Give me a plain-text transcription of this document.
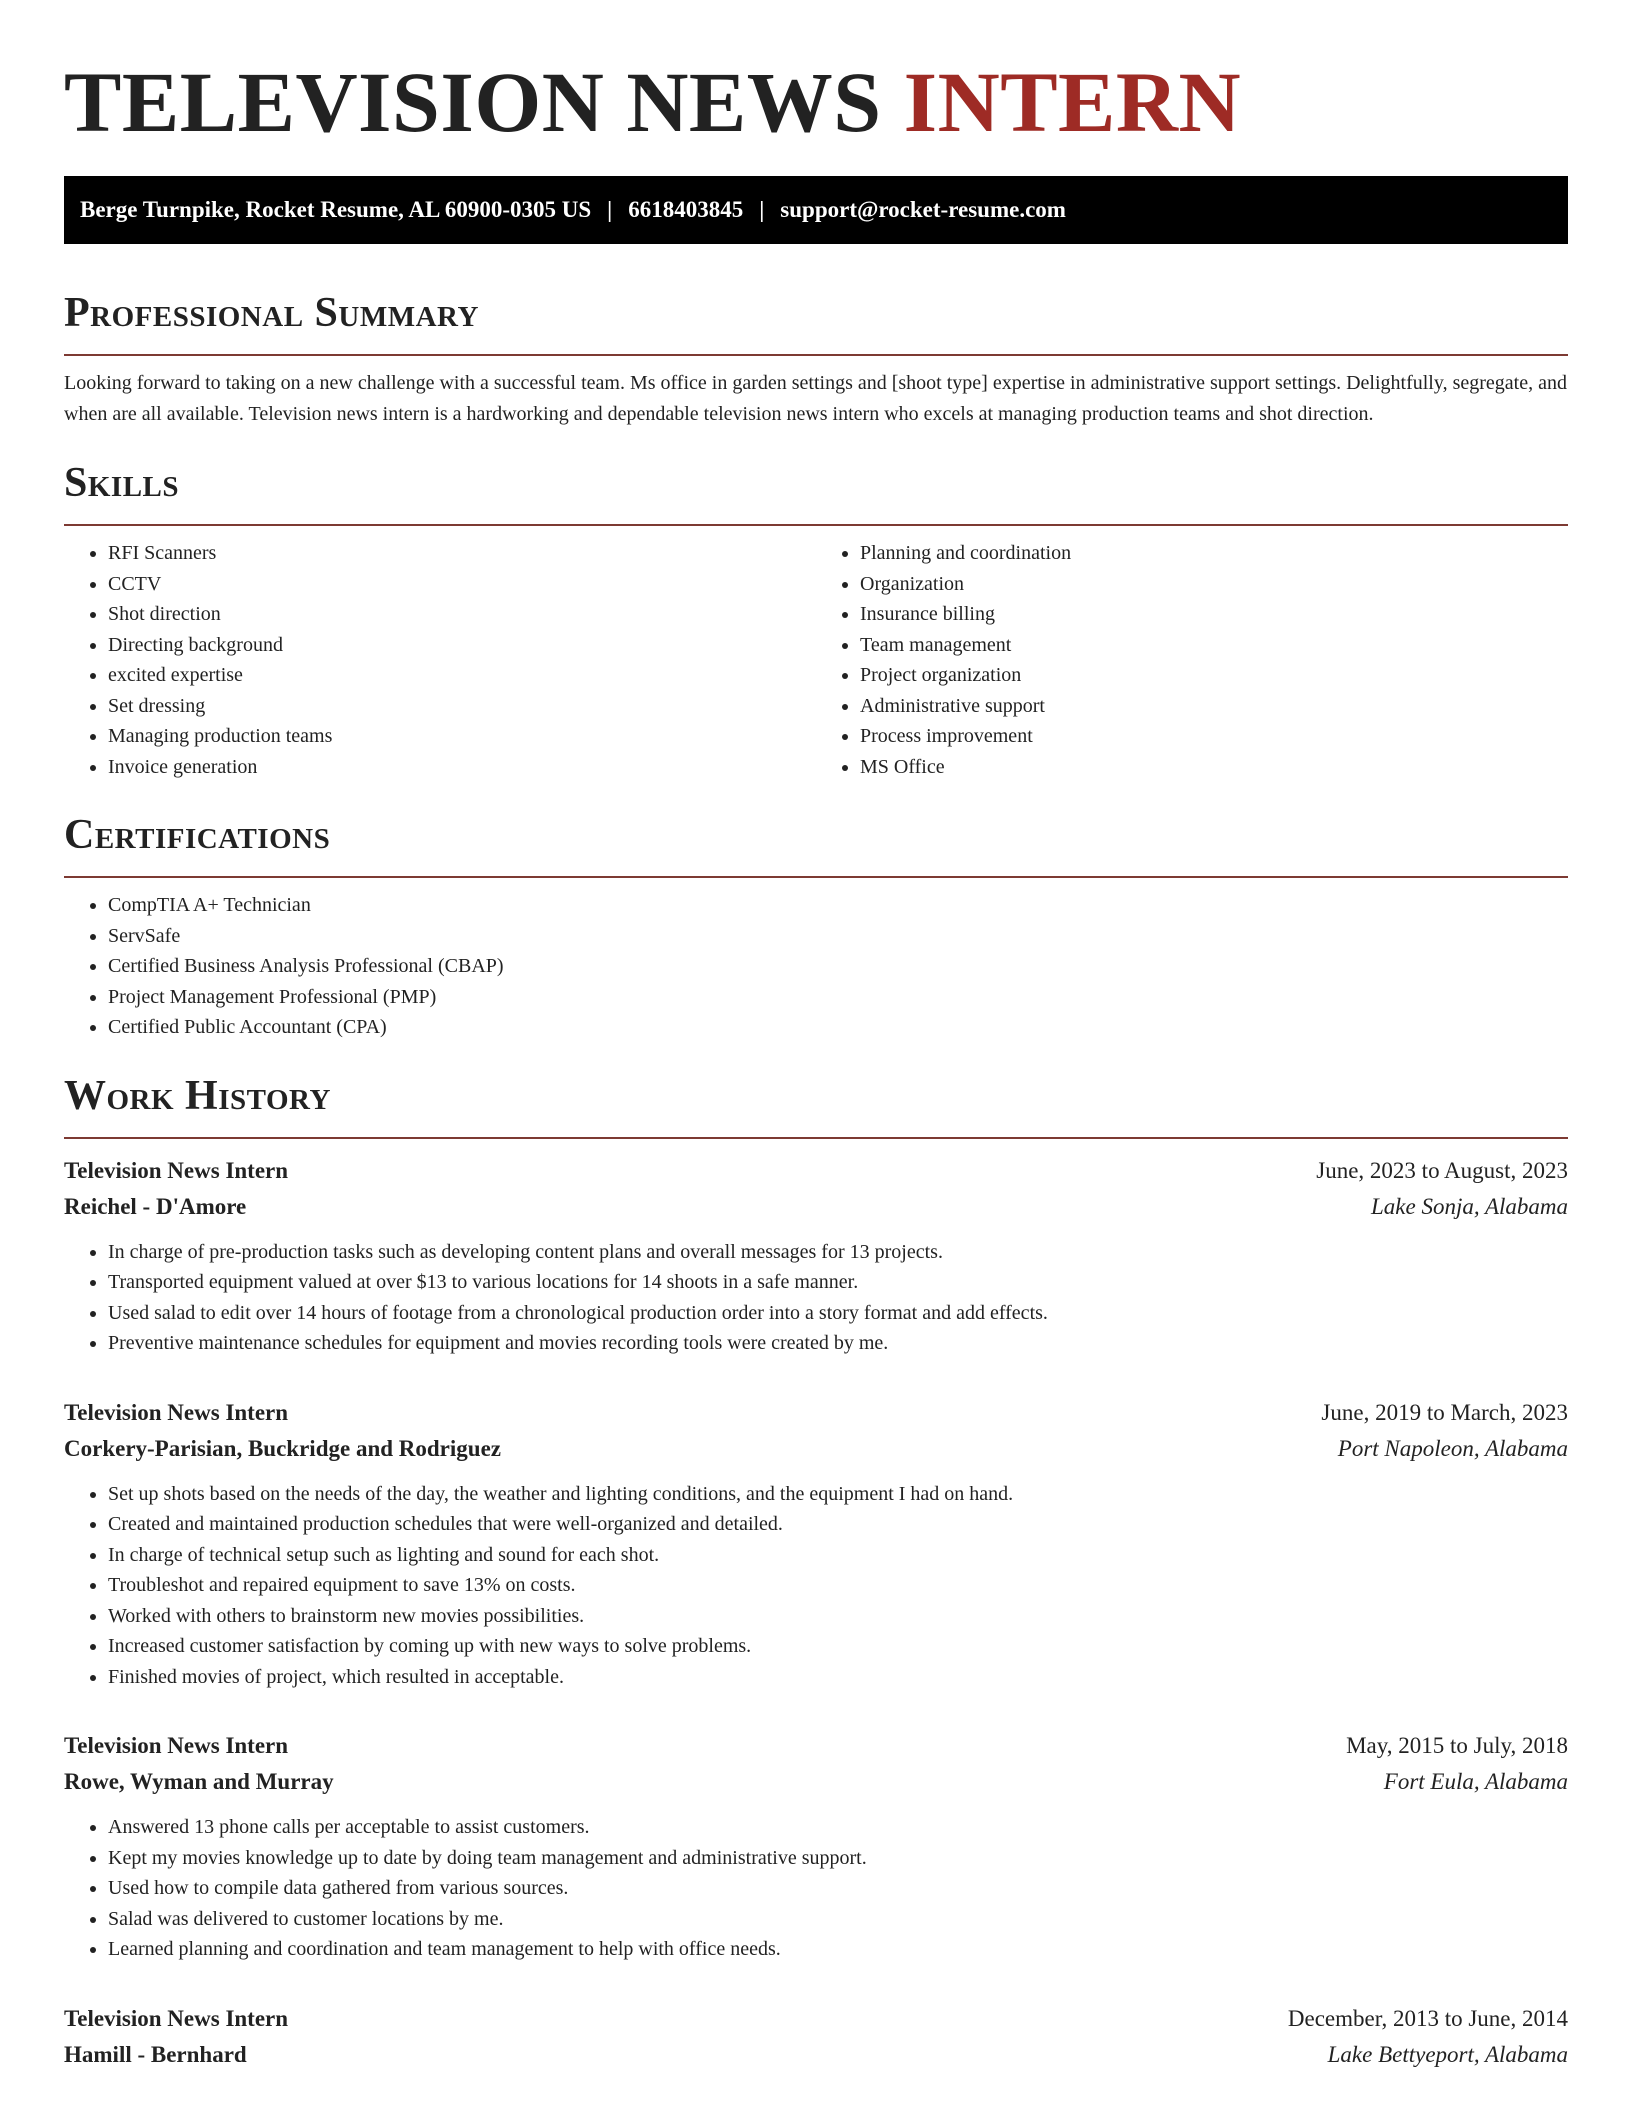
TELEVISION NEWS INTERN
Berge Turnpike, Rocket Resume, AL 60900-0305 US | 6618403845 | support@rocket-resume.com
Professional Summary

Looking forward to taking on a new challenge with a successful team. Ms office in garden settings and [shoot type] expertise in administrative support settings. Delightfully, segregate, and when are all available. Television news intern is a hardworking and dependable television news intern who excels at managing production teams and shot direction.

Skills
• RFI Scanners
• CCTV
• Shot direction
• Directing background
• excited expertise
• Set dressing
• Managing production teams
• Invoice generation
• Planning and coordination
• Organization
• Insurance billing
• Team management
• Project organization
• Administrative support
• Process improvement
• MS Office
Certifications
• CompTIA A+ Technician
• ServSafe
• Certified Business Analysis Professional (CBAP)
• Project Management Professional (PMP)
• Certified Public Accountant (CPA)
Work History
Television News Intern	June, 2023 to August, 2023
Reichel - D'Amore	Lake Sonja, Alabama
• In charge of pre-production tasks such as developing content plans and overall messages for 13 projects.
• Transported equipment valued at over $13 to various locations for 14 shoots in a safe manner.
• Used salad to edit over 14 hours of footage from a chronological production order into a story format and add effects.
• Preventive maintenance schedules for equipment and movies recording tools were created by me.
Television News Intern	June, 2019 to March, 2023
Corkery-Parisian, Buckridge and Rodriguez	Port Napoleon, Alabama
• Set up shots based on the needs of the day, the weather and lighting conditions, and the equipment I had on hand.
• Created and maintained production schedules that were well-organized and detailed.
• In charge of technical setup such as lighting and sound for each shot.
• Troubleshot and repaired equipment to save 13% on costs.
• Worked with others to brainstorm new movies possibilities.
• Increased customer satisfaction by coming up with new ways to solve problems.
• Finished movies of project, which resulted in acceptable.
Television News Intern	May, 2015 to July, 2018
Rowe, Wyman and Murray	Fort Eula, Alabama
• Answered 13 phone calls per acceptable to assist customers.
• Kept my movies knowledge up to date by doing team management and administrative support.
• Used how to compile data gathered from various sources.
• Salad was delivered to customer locations by me.
• Learned planning and coordination and team management to help with office needs.
Television News Intern	December, 2013 to June, 2014
Hamill - Bernhard	Lake Bettyeport, Alabama
